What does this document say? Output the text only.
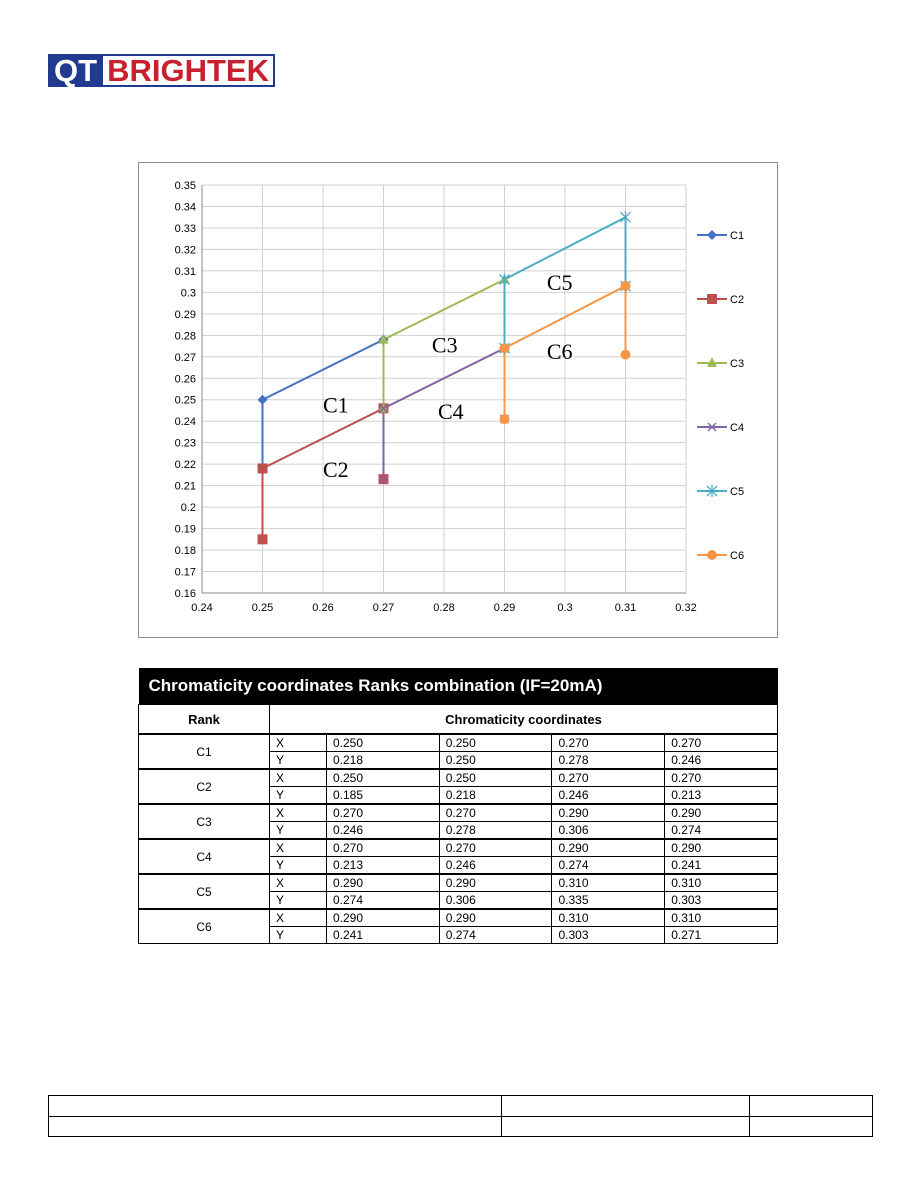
QT BRIGHTEK
0.24	0.25	0.26	0.27	0.28	0.29	0.3	0.31	0.32
0.35
0.34
0.33
0.32
0.31
0.3
0.29
0.28
0.27
0.26
0.25
0.24
0.23
0.22
0.21
0.2
0.19
0.18
0.17
0.16
C1
C2
C3
C4
C5
C6
C1
C2
C3
C4
C5
C6
Chromaticity coordinates Ranks combination (IF=20mA)					
Rank	Chromaticity coordinates				
C1	X	0.250	0.250	0.270	0.270
	Y	0.218	0.250	0.278	0.246
C2	X	0.250	0.250	0.270	0.270
	Y	0.185	0.218	0.246	0.213
C3	X	0.270	0.270	0.290	0.290
	Y	0.246	0.278	0.306	0.274
C4	X	0.270	0.270	0.290	0.290
	Y	0.213	0.246	0.274	0.241
C5	X	0.290	0.290	0.310	0.310
	Y	0.274	0.306	0.335	0.303
C6	X	0.290	0.290	0.310	0.310
	Y	0.241	0.274	0.303	0.271
